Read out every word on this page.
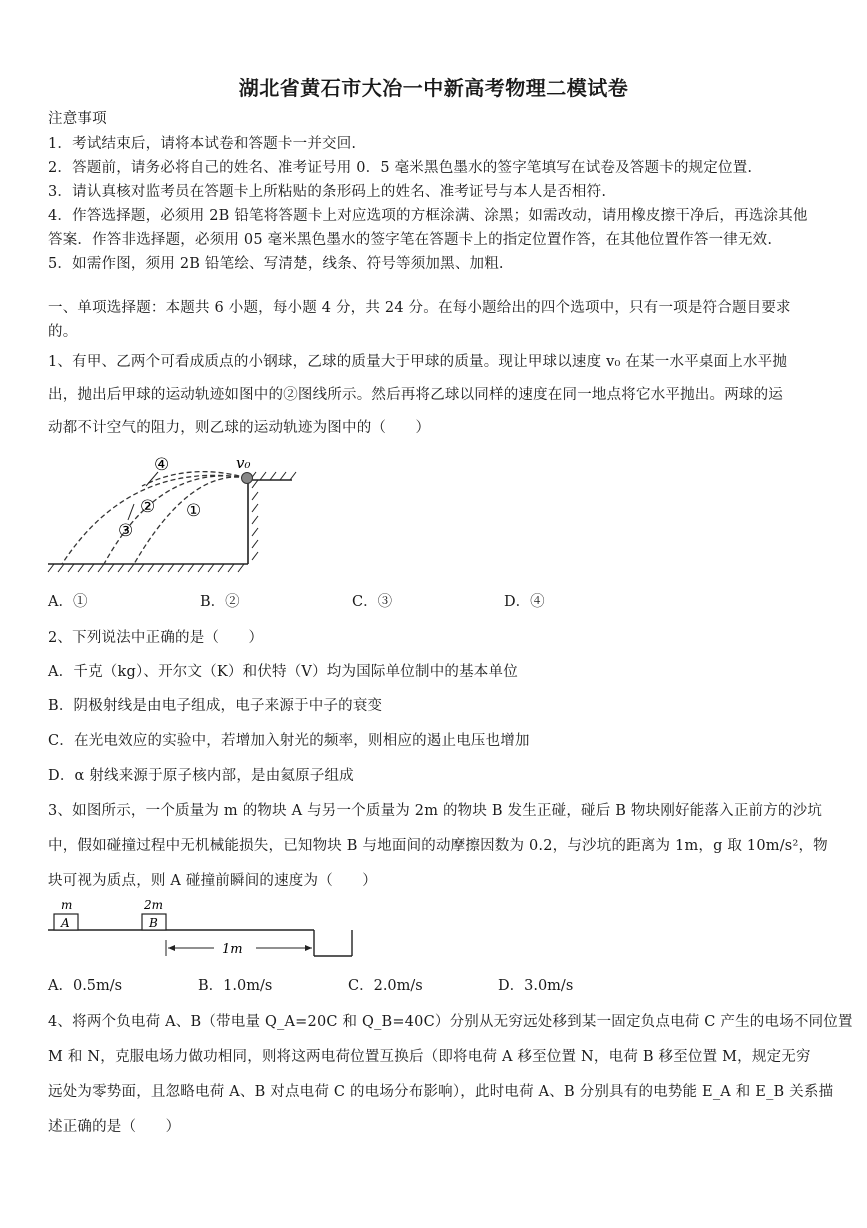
湖北省黄石市大冶一中新高考物理二模试卷
注意事项
1．考试结束后，请将本试卷和答题卡一并交回.
2．答题前，请务必将自己的姓名、准考证号用 0．5 毫米黑色墨水的签字笔填写在试卷及答题卡的规定位置.
3．请认真核对监考员在答题卡上所粘贴的条形码上的姓名、准考证号与本人是否相符.
4．作答选择题，必须用 2B 铅笔将答题卡上对应选项的方框涂满、涂黑；如需改动，请用橡皮擦干净后，再选涂其他
答案．作答非选择题，必须用 05 毫米黑色墨水的签字笔在答题卡上的指定位置作答，在其他位置作答一律无效.
5．如需作图，须用 2B 铅笔绘、写清楚，线条、符号等须加黑、加粗.
一、单项选择题：本题共 6 小题，每小题 4 分，共 24 分。在每小题给出的四个选项中，只有一项是符合题目要求
的。
1、有甲、乙两个可看成质点的小钢球，乙球的质量大于甲球的质量。现让甲球以速度 v₀ 在某一水平桌面上水平抛
出，抛出后甲球的运动轨迹如图中的②图线所示。然后再将乙球以同样的速度在同一地点将它水平抛出。两球的运
动都不计空气的阻力，则乙球的运动轨迹为图中的（　　）
v₀
④
①
②
③
A．①	B．②	C．③	D．④
2、下列说法中正确的是（　　）
A．千克（kg）、开尔文（K）和伏特（V）均为国际单位制中的基本单位
B．阴极射线是由电子组成，电子来源于中子的衰变
C．在光电效应的实验中，若增加入射光的频率，则相应的遏止电压也增加
D．α 射线来源于原子核内部，是由氦原子组成
3、如图所示，一个质量为 m 的物块 A 与另一个质量为 2m 的物块 B 发生正碰，碰后 B 物块刚好能落入正前方的沙坑
中，假如碰撞过程中无机械能损失，已知物块 B 与地面间的动摩擦因数为 0.2，与沙坑的距离为 1m，g 取 10m/s²，物
块可视为质点，则 A 碰撞前瞬间的速度为（　　）
m
A
2m
B
1m
A．0.5m/s	B．1.0m/s	C．2.0m/s	D．3.0m/s
4、将两个负电荷 A、B（带电量 Q_A=20C 和 Q_B=40C）分别从无穷远处移到某一固定负点电荷 C 产生的电场不同位置
M 和 N，克服电场力做功相同，则将这两电荷位置互换后（即将电荷 A 移至位置 N，电荷 B 移至位置 M，规定无穷
远处为零势面，且忽略电荷 A、B 对点电荷 C 的电场分布影响），此时电荷 A、B 分别具有的电势能 E_A 和 E_B 关系描
述正确的是（　　）
